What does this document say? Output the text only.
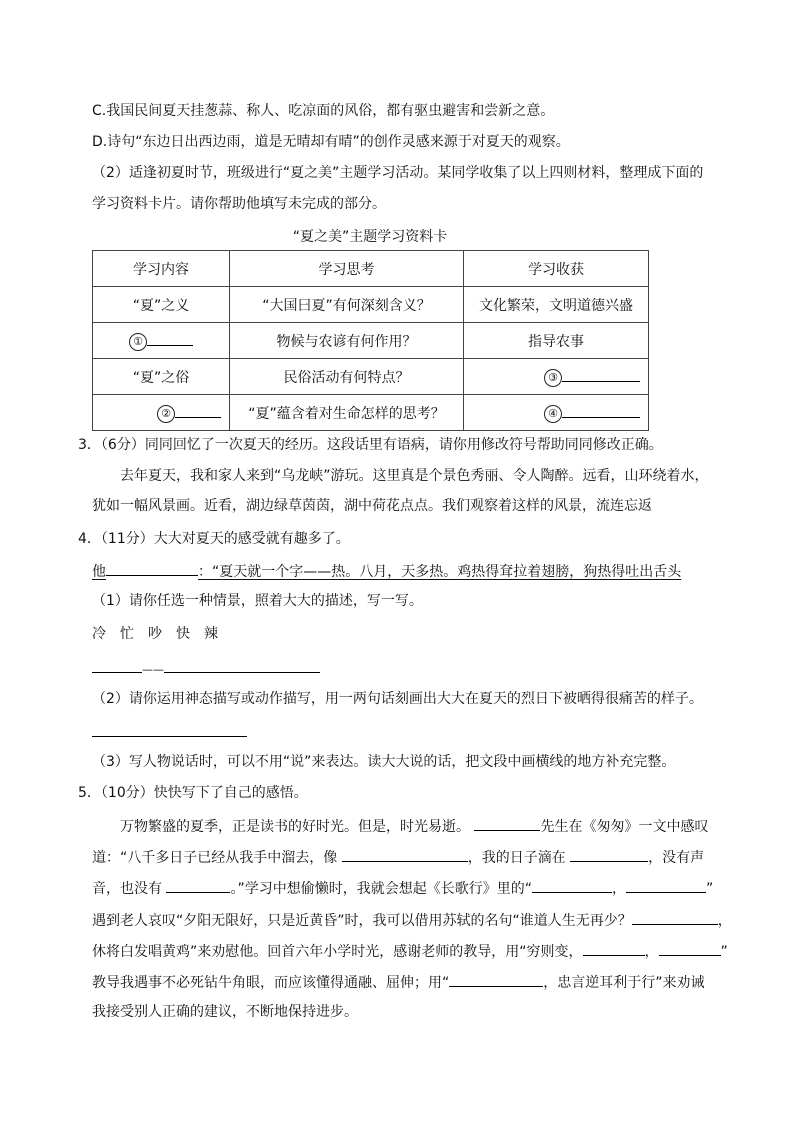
C.我国民间夏天挂葱蒜、称人、吃凉面的风俗，都有驱虫避害和尝新之意。
D.诗句“东边日出西边雨，道是无晴却有晴”的创作灵感来源于对夏天的观察。
（2）适逢初夏时节，班级进行“夏之美”主题学习活动。某同学收集了以上四则材料，整理成下面的
学习资料卡片。请你帮助他填写未完成的部分。
“夏之美”主题学习资料卡
学习内容	学习思考	学习收获
“夏”之义	“大国曰夏”有何深刻含义？	文化繁荣，文明道德兴盛
①	物候与农谚有何作用？	指导农事
“夏”之俗	民俗活动有何特点？	③
②	“夏”蕴含着对生命怎样的思考？	④
3．（6分）同同回忆了一次夏天的经历。这段话里有语病，请你用修改符号帮助同同修改正确。
去年夏天，我和家人来到“乌龙峡”游玩。这里真是个景色秀丽、令人陶醉。远看，山环绕着水，
犹如一幅风景画。近看，湖边绿草茵茵，湖中荷花点点。我们观察着这样的风景，流连忘返
4．（11分）大大对夏天的感受就有趣多了。
他	：“夏天就一个字——热。八月，天多热。鸡热得耷拉着翅膀，狗热得吐出舌头
（1）请你任选一种情景，照着大大的描述，写一写。
冷 忙 吵 快 辣
——
（2）请你运用神态描写或动作描写，用一两句话刻画出大大在夏天的烈日下被晒得很痛苦的样子。
（3）写人物说话时，可以不用“说”来表达。读大大说的话，把文段中画横线的地方补充完整。
5．（10分）快快写下了自己的感悟。
万物繁盛的夏季，正是读书的好时光。但是，时光易逝。	先生在《匆匆》一文中感叹
道：“八千多日子已经从我手中溜去，像	，我的日子滴在	，没有声
音，也没有	。”学习中想偷懒时，我就会想起《长歌行》里的“	，	”
遇到老人哀叹“夕阳无限好，只是近黄昏”时，我可以借用苏轼的名句“谁道人生无再少？	，
休将白发唱黄鸡”来劝慰他。回首六年小学时光，感谢老师的教导，用“穷则变，	，	”
教导我遇事不必死钻牛角眼，而应该懂得通融、屈伸；用“	，忠言逆耳利于行”来劝诫
我接受别人正确的建议，不断地保持进步。
